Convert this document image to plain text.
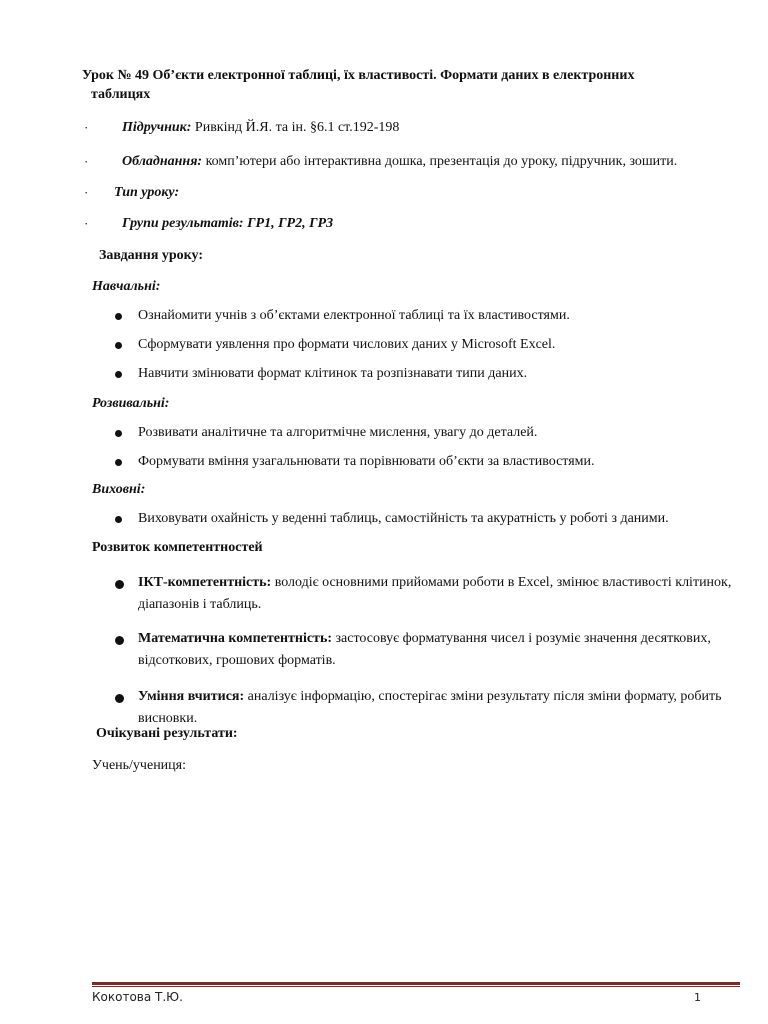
Урок № 49 Об’єкти електронної таблиці, їх властивості. Формати даних в електронних
таблицях
· Підручник: Ривкінд Й.Я. та ін. §6.1 ст.192-198
· Обладнання: комп’ютери або інтерактивна дошка, презентація до уроку, підручник, зошити.
· Тип уроку:
· Групи результатів: ГР1, ГР2, ГР3
Завдання уроку:
Навчальні:
Ознайомити учнів з об’єктами електронної таблиці та їх властивостями.
Сформувати уявлення про формати числових даних у Microsoft Excel.
Навчити змінювати формат клітинок та розпізнавати типи даних.
Розвивальні:
Розвивати аналітичне та алгоритмічне мислення, увагу до деталей.
Формувати вміння узагальнювати та порівнювати об’єкти за властивостями.
Виховні:
Виховувати охайність у веденні таблиць, самостійність та акуратність у роботі з даними.
Розвиток компетентностей
ІКТ-компетентність: володіє основними прийомами роботи в Excel, змінює властивості клітинок, діапазонів і таблиць.
Математична компетентність: застосовує форматування чисел і розуміє значення десяткових, відсоткових, грошових форматів.
Уміння вчитися: аналізує інформацію, спостерігає зміни результату після зміни формату, робить висновки.
Очікувані результати:
Учень/учениця:
Кокотова Т.Ю.	1
